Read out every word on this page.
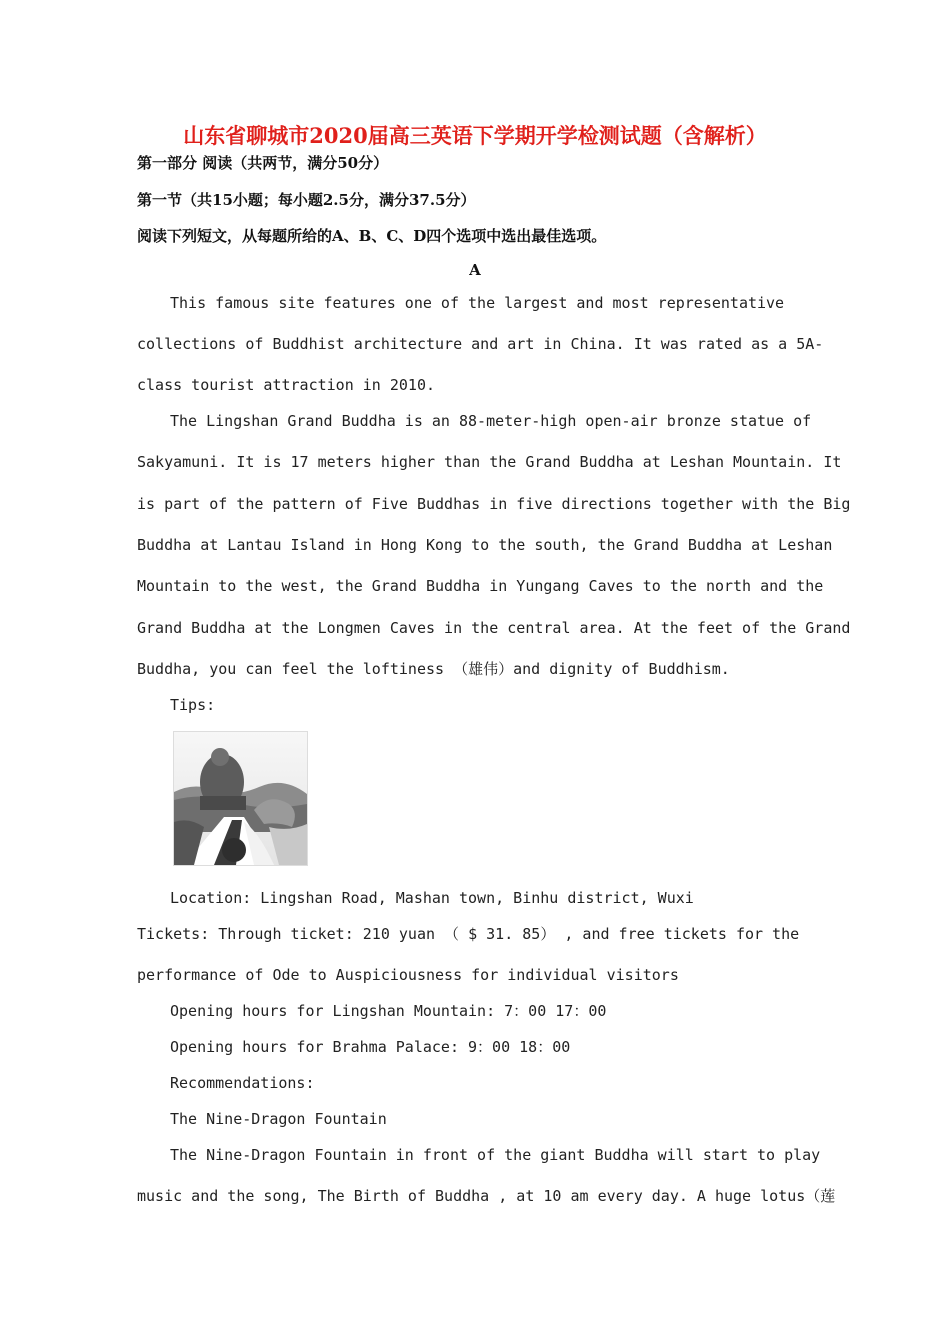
山东省聊城市2020届高三英语下学期开学检测试题（含解析）
第一部分 阅读（共两节，满分50分）
第一节（共15小题；每小题2.5分，满分37.5分）
阅读下列短文，从每题所给的A、B、C、D四个选项中选出最佳选项。
A
This famous site features one of the largest and most representative
collections of Buddhist architecture and art in China. It was rated as a 5A-
class tourist attraction in 2010.
The Lingshan Grand Buddha is an 88-meter-high open-air bronze statue of
Sakyamuni. It is 17 meters higher than the Grand Buddha at Leshan Mountain. It
is part of the pattern of Five Buddhas in five directions together with the Big
Buddha at Lantau Island in Hong Kong to the south, the Grand Buddha at Leshan
Mountain to the west, the Grand Buddha in Yungang Caves to the north and the
Grand Buddha at the Longmen Caves in the central area. At the feet of the Grand
Buddha, you can feel the loftiness （雄伟）and dignity of Buddhism.
Tips:
Location: Lingshan Road, Mashan town, Binhu district, Wuxi
Tickets: Through ticket: 210 yuan （ $ 31. 85） , and free tickets for the
performance of Ode to Auspiciousness for individual visitors
Opening hours for Lingshan Mountain: 7：00 17：00
Opening hours for Brahma Palace: 9：00 18：00
Recommendations:
The Nine-Dragon Fountain
The Nine-Dragon Fountain in front of the giant Buddha will start to play
music and the song, The Birth of Buddha , at 10 am every day. A huge lotus（莲
